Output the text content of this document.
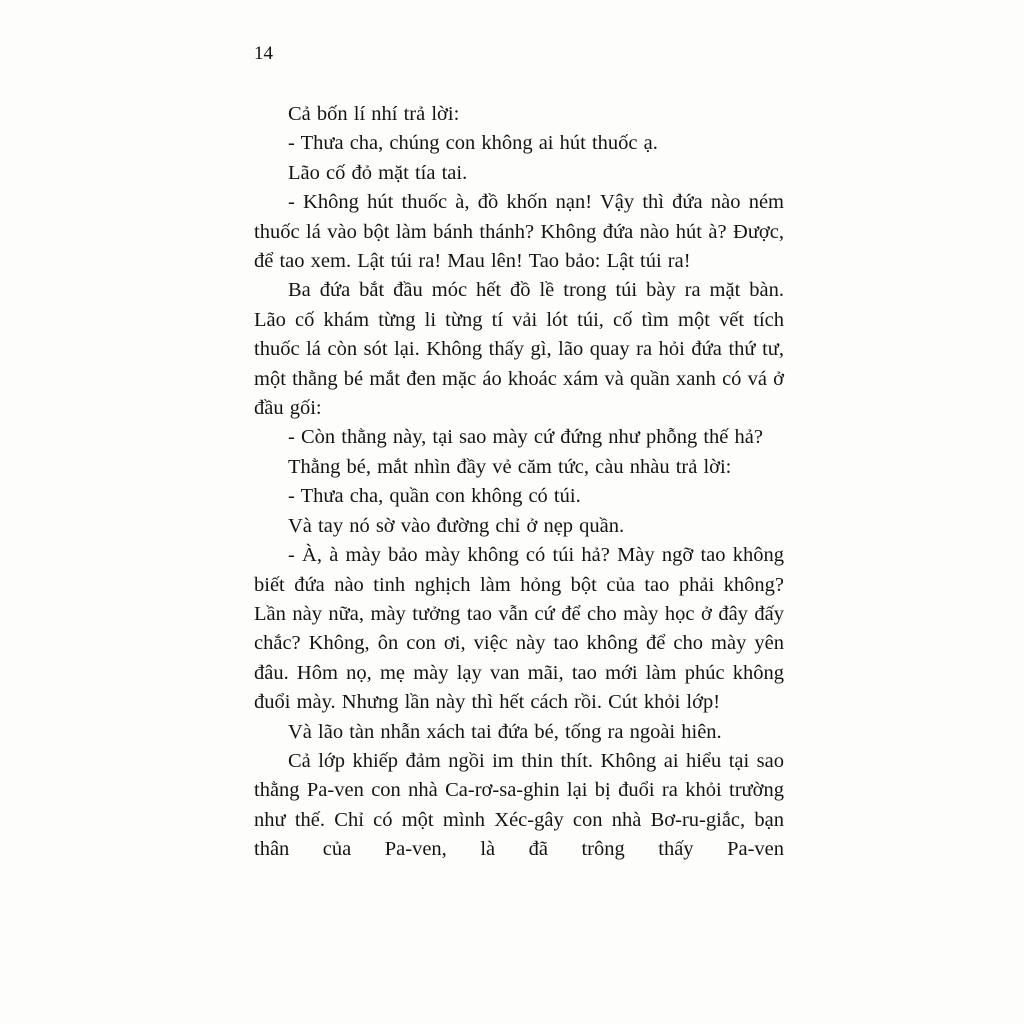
14

Cả bốn lí nhí trả lời:

- Thưa cha, chúng con không ai hút thuốc ạ.

Lão cố đỏ mặt tía tai.

- Không hút thuốc à, đồ khốn nạn! Vậy thì đứa nào ném thuốc lá vào bột làm bánh thánh? Không đứa nào hút à? Được, để tao xem. Lật túi ra! Mau lên! Tao bảo: Lật túi ra!

Ba đứa bắt đầu móc hết đồ lề trong túi bày ra mặt bàn. Lão cố khám từng li từng tí vải lót túi, cố tìm một vết tích thuốc lá còn sót lại. Không thấy gì, lão quay ra hỏi đứa thứ tư, một thằng bé mắt đen mặc áo khoác xám và quần xanh có vá ở đầu gối:

- Còn thằng này, tại sao mày cứ đứng như phỗng thế hả?

Thằng bé, mắt nhìn đầy vẻ căm tức, càu nhàu trả lời:

- Thưa cha, quần con không có túi.

Và tay nó sờ vào đường chỉ ở nẹp quần.

- À, à mày bảo mày không có túi hả? Mày ngỡ tao không biết đứa nào tinh nghịch làm hỏng bột của tao phải không? Lần này nữa, mày tưởng tao vẫn cứ để cho mày học ở đây đấy chắc? Không, ôn con ơi, việc này tao không để cho mày yên đâu. Hôm nọ, mẹ mày lạy van mãi, tao mới làm phúc không đuổi mày. Nhưng lần này thì hết cách rồi. Cút khỏi lớp!

Và lão tàn nhẫn xách tai đứa bé, tống ra ngoài hiên.

Cả lớp khiếp đảm ngồi im thin thít. Không ai hiểu tại sao thằng Pa-ven con nhà Ca-rơ-sa-ghin lại bị đuổi ra khỏi trường như thế. Chỉ có một mình Xéc-gây con nhà Bơ-ru-giắc, bạn thân của Pa-ven, là đã trông thấy Pa-ven
